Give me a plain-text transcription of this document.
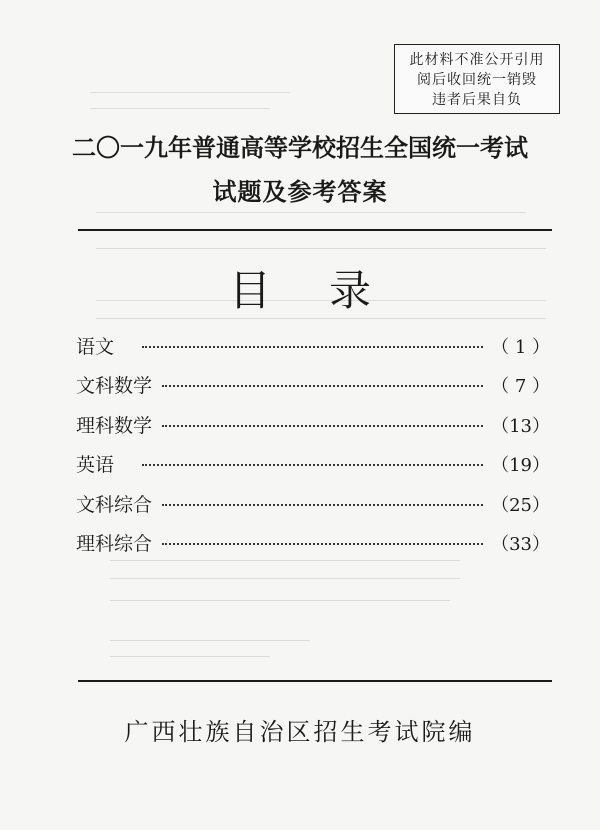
此材料不准公开引用
阅后收回统一销毁
违者后果自负
二〇一九年普通高等学校招生全国统一考试
试题及参考答案
目录
语文	（ 1 ）
文科数学	（ 7 ）
理科数学	（13）
英语	（19）
文科综合	（25）
理科综合	（33）
广西壮族自治区招生考试院编
